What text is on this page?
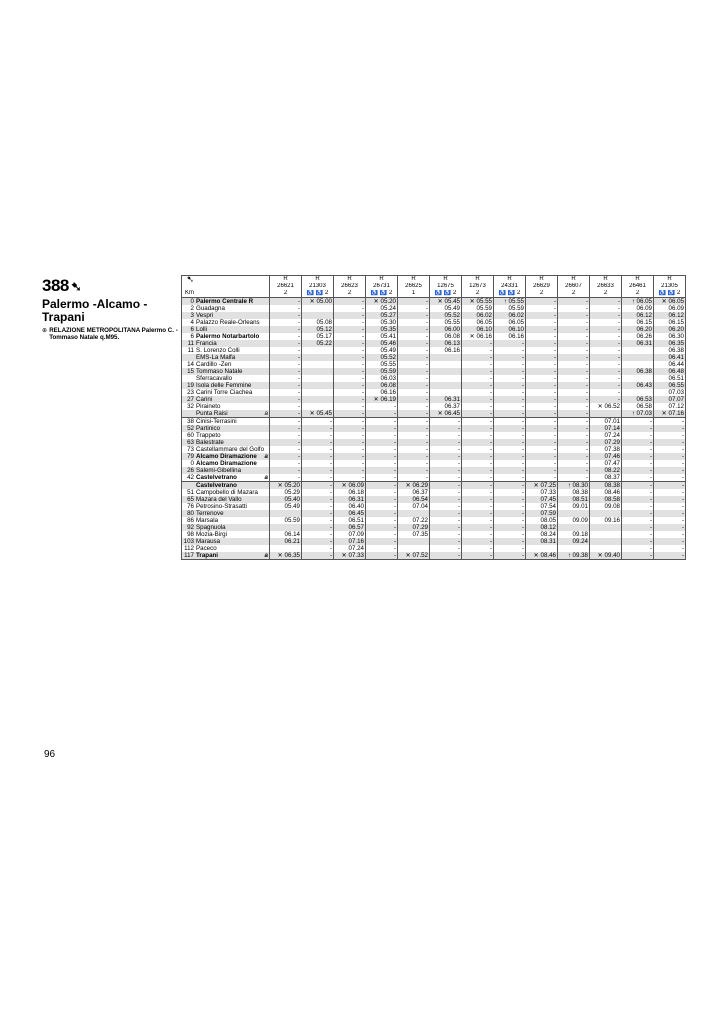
388 ➷
Palermo -Alcamo -Trapani
⊕ RELAZIONE METROPOLITANA Palermo C. - Tommaso Natale q.M95.
➷		R	R	R	R	R	R	R	R	R	R	R	R	R
		26621	21303	26623	26731	26625	12675	12673	24331	26629	26607	26633	26461	21305
Km		2	♿ ♿ 2	2	♿ ♿ 2	1	♿ ♿ 2	2	♿ ♿ 2	2	2	2	2	♿ ♿ 2
0	Palermo Centrale R	-	✕ 05.00	-	✕ 05.20	-	✕ 05.45	✕ 05.55	↑ 05.55	-	-	-	↑ 06.05	✕ 06.05
2	Guadagna	-		-	05.24	-	05.49	05.59	05.59	-	-	-	06.09	06.09
3	Vespri	-		-	05.27	-	05.52	06.02	06.02	-	-	-	06.12	06.12
4	Palazzo Reale-Orleans	-	05.08	-	05.30	-	05.55	06.05	06.05	-	-	-	06.15	06.15
6	Lolli	-	05.12	-	05.35	-	06.00	06.10	06.10	-	-	-	06.20	06.20
6	Palermo Notarbartolo	-	05.17	-	05.41	-	06.08	✕ 06.16	06.16	-	-	-	06.26	06.30
11	Francia	-	05.22	-	05.46	-	06.13	-	-	-	-	-	06.31	06.35
11	S. Lorenzo Colli	-		-	05.49	-	06.16	-	-	-	-	-		06.38
	EMS-La Malfa	-		-	05.52	-		-	-	-	-	-		06.41
14	Cardillo -Zen	-		-	05.55	-		-	-	-	-	-		06.44
15	Tommaso Natale	-		-	05.59	-		-	-	-	-	-	06.38	06.48
	Sferracavallo	-		-	06.03	-		-	-	-	-	-		06.51
19	Isola delle Femmine	-		-	06.08	-		-	-	-	-	-	06.43	06.55
23	Carini Torre Ciachea	-		-	06.16	-		-	-	-	-	-		07.03
27	Carini	-		-	✕ 06.19	-	06.31	-	-	-	-	-	06.53	07.07
32	Piraineto	-		-	-	-	06.37	-	-	-	-	✕ 06.52	06.58	07.12
	Punta Raisi a	-	✕ 05.45	-	-	-	✕ 06.45	-	-	-	-		↑ 07.03	✕ 07.16
38	Cinisi-Terrasini	-	-	-	-	-	-	-	-	-	-	07.01	-	-
52	Partinico	-	-	-	-	-	-	-	-	-	-	07.14	-	-
60	Trappeto	-	-	-	-	-	-	-	-	-	-	07.24	-	-
63	Balestrate	-	-	-	-	-	-	-	-	-	-	07.29	-	-
73	Castellammare del Golfo	-	-	-	-	-	-	-	-	-	-	07.38	-	-
79	Alcamo Diramazione a	-	-	-	-	-	-	-	-	-	-	07.46	-	-
0	Alcamo Diramazione	-	-	-	-	-	-	-	-	-	-	07.47	-	-
26	Salemi-Gibellina	-	-	-	-	-	-	-	-	-	-	08.22	-	-
42	Castelvetrano a	-	-	-	-	-	-	-	-	-	-	08.37	-	-
	Castelvetrano	✕ 05.20	-	✕ 06.09	-	✕ 06.29	-	-	-	✕ 07.25	↑ 08.30	08.38	-	-
51	Campobello di Mazara	05.29	-	06.18	-	06.37	-	-	-	07.33	08.38	08.46	-	-
65	Mazara del Vallo	05.40	-	06.31	-	06.54	-	-	-	07.45	08.51	08.58	-	-
76	Petrosino-Strasatti	05.49	-	06.40	-	07.04	-	-	-	07.54	09.01	09.08	-	-
80	Terrenove		-	06.45	-		-	-	-	07.59			-	-
86	Marsala	05.59	-	06.51	-	07.22	-	-	-	08.05	09.09	09.16	-	-
92	Spagnuola		-	06.57	-	07.29	-	-	-	08.12			-	-
98	Mozia-Birgi	06.14	-	07.09	-	07.35	-	-	-	08.24	09.18		-	-
103	Marausa	06.21	-	07.16	-		-	-	-	08.31	09.24		-	-
112	Paceco		-	07.24	-		-	-	-				-	-
117	Trapani a	✕ 06.35	-	✕ 07.33	-	✕ 07.52	-	-	-	✕ 08.46	↑ 09.38	✕ 09.40	-	-
96
